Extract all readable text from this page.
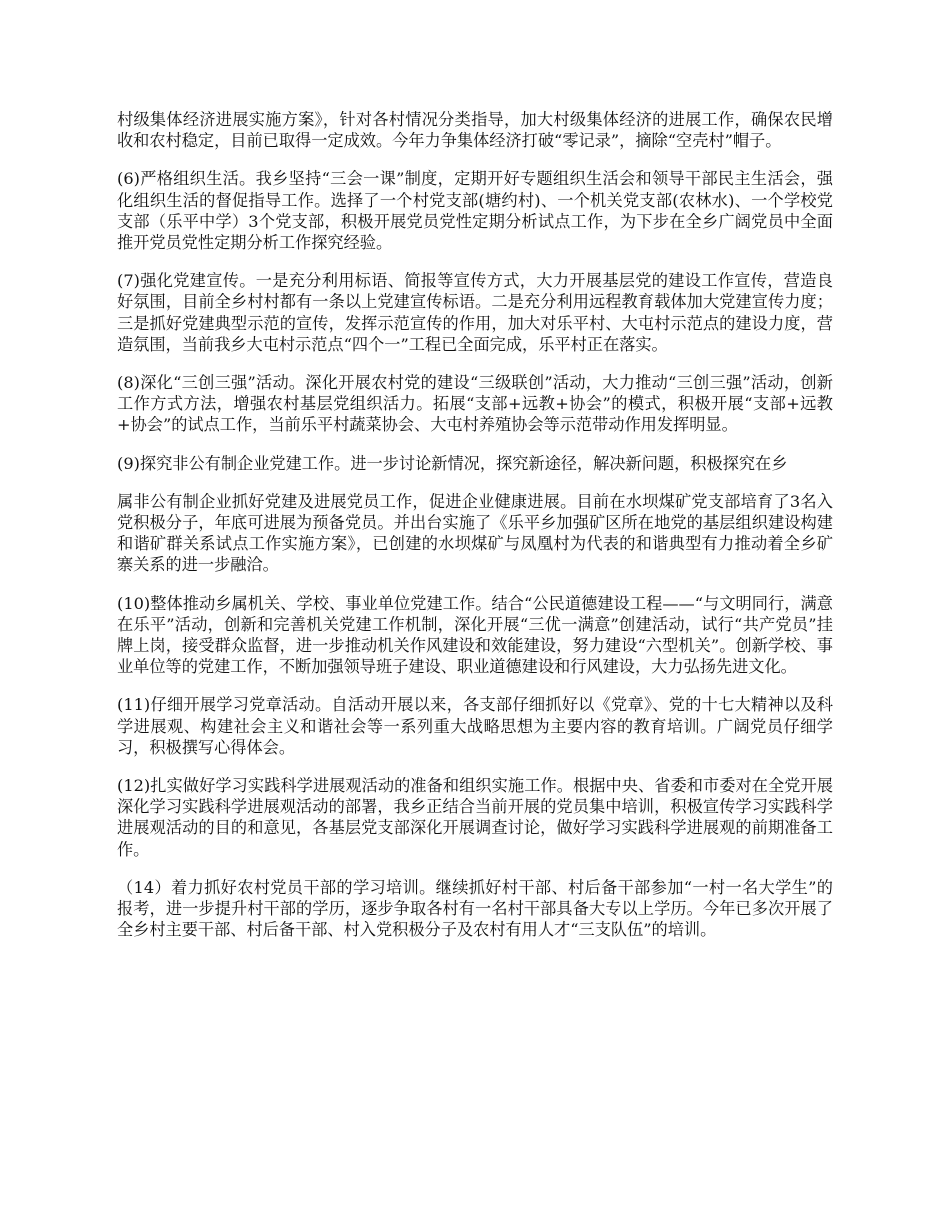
村级集体经济进展实施方案》，针对各村情况分类指导，加大村级集体经济的进展工作，确保农民增收和农村稳定，目前已取得一定成效。今年力争集体经济打破“零记录”，摘除“空壳村”帽子。

(6)严格组织生活。我乡坚持“三会一课”制度，定期开好专题组织生活会和领导干部民主生活会，强化组织生活的督促指导工作。选择了一个村党支部(塘约村)、一个机关党支部(农林水)、一个学校党支部（乐平中学）3个党支部，积极开展党员党性定期分析试点工作，为下步在全乡广阔党员中全面推开党员党性定期分析工作探究经验。

(7)强化党建宣传。一是充分利用标语、简报等宣传方式，大力开展基层党的建设工作宣传，营造良好氛围，目前全乡村村都有一条以上党建宣传标语。二是充分利用远程教育载体加大党建宣传力度；三是抓好党建典型示范的宣传，发挥示范宣传的作用，加大对乐平村、大屯村示范点的建设力度，营造氛围，当前我乡大屯村示范点“四个一”工程已全面完成，乐平村正在落实。

(8)深化“三创三强”活动。深化开展农村党的建设“三级联创”活动，大力推动“三创三强”活动，创新工作方式方法，增强农村基层党组织活力。拓展“支部+远教+协会”的模式，积极开展“支部+远教+协会”的试点工作，当前乐平村蔬菜协会、大屯村养殖协会等示范带动作用发挥明显。

(9)探究非公有制企业党建工作。进一步讨论新情况，探究新途径，解决新问题，积极探究在乡

属非公有制企业抓好党建及进展党员工作，促进企业健康进展。目前在水坝煤矿党支部培育了3名入党积极分子，年底可进展为预备党员。并出台实施了《乐平乡加强矿区所在地党的基层组织建设构建和谐矿群关系试点工作实施方案》，已创建的水坝煤矿与凤凰村为代表的和谐典型有力推动着全乡矿寨关系的进一步融洽。

(10)整体推动乡属机关、学校、事业单位党建工作。结合“公民道德建设工程——“与文明同行，满意在乐平”活动，创新和完善机关党建工作机制，深化开展“三优一满意”创建活动，试行“共产党员”挂牌上岗，接受群众监督，进一步推动机关作风建设和效能建设，努力建设“六型机关”。创新学校、事业单位等的党建工作，不断加强领导班子建设、职业道德建设和行风建设，大力弘扬先进文化。

(11)仔细开展学习党章活动。自活动开展以来，各支部仔细抓好以《党章》、党的十七大精神以及科学进展观、构建社会主义和谐社会等一系列重大战略思想为主要内容的教育培训。广阔党员仔细学习，积极撰写心得体会。

(12)扎实做好学习实践科学进展观活动的准备和组织实施工作。根据中央、省委和市委对在全党开展深化学习实践科学进展观活动的部署，我乡正结合当前开展的党员集中培训，积极宣传学习实践科学进展观活动的目的和意见，各基层党支部深化开展调查讨论，做好学习实践科学进展观的前期准备工作。

（14）着力抓好农村党员干部的学习培训。继续抓好村干部、村后备干部参加“一村一名大学生”的报考，进一步提升村干部的学历，逐步争取各村有一名村干部具备大专以上学历。今年已多次开展了全乡村主要干部、村后备干部、村入党积极分子及农村有用人才“三支队伍”的培训。
